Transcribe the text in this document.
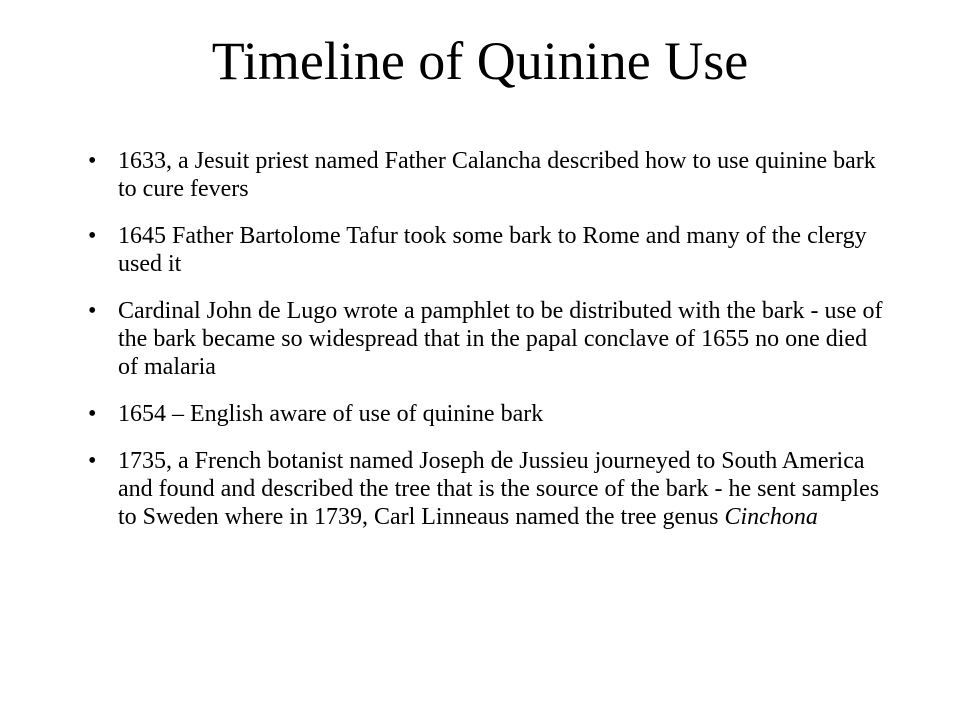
Timeline of Quinine Use
• 1633, a Jesuit priest named Father Calancha described how to use quinine bark to cure fevers
• 1645 Father Bartolome Tafur took some bark to Rome and many of the clergy used it
• Cardinal John de Lugo wrote a pamphlet to be distributed with the bark - use of the bark became so widespread that in the papal conclave of 1655 no one died of malaria
• 1654 – English aware of use of quinine bark
• 1735, a French botanist named Joseph de Jussieu journeyed to South America and found and described the tree that is the source of the bark - he sent samples to Sweden where in 1739, Carl Linneaus named the tree genus Cinchona
